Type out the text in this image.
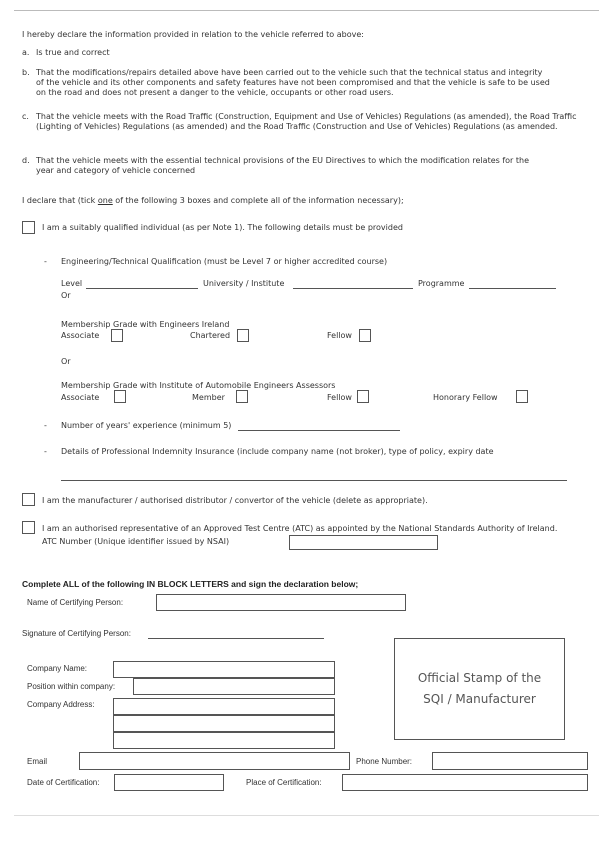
I hereby declare the information provided in relation to the vehicle referred to above:
a. Is true and correct
b. That the modifications/repairs detailed above have been carried out to the vehicle such that the technical status and integrity of the vehicle and its other components and safety features have not been compromised and that the vehicle is safe to be used on the road and does not present a danger to the vehicle, occupants or other road users.
c. That the vehicle meets with the Road Traffic (Construction, Equipment and Use of Vehicles) Regulations (as amended), the Road Traffic (Lighting of Vehicles) Regulations (as amended) and the Road Traffic (Construction and Use of Vehicles) Regulations (as amended.
d. That the vehicle meets with the essential technical provisions of the EU Directives to which the modification relates for the year and category of vehicle concerned
I declare that (tick one of the following 3 boxes and complete all of the information necessary);
I am a suitably qualified individual (as per Note 1). The following details must be provided
- Engineering/Technical Qualification (must be Level 7 or higher accredited course)
Level	University / Institute	Programme
Or
Membership Grade with Engineers Ireland
Associate	Chartered	Fellow
Or
Membership Grade with Institute of Automobile Engineers Assessors
Associate	Member	Fellow	Honorary Fellow
- Number of years' experience (minimum 5)
- Details of Professional Indemnity Insurance (include company name (not broker), type of policy, expiry date
I am the manufacturer / authorised distributor / convertor of the vehicle (delete as appropriate).
I am an authorised representative of an Approved Test Centre (ATC) as appointed by the National Standards Authority of Ireland.
ATC Number (Unique identifier issued by NSAI)
Complete ALL of the following IN BLOCK LETTERS and sign the declaration below;
Name of Certifying Person:
Signature of Certifying Person:
Company Name:
Position within company:
Company Address:
Official Stamp of the SQI / Manufacturer
Email	Phone Number:
Date of Certification:	Place of Certification:
